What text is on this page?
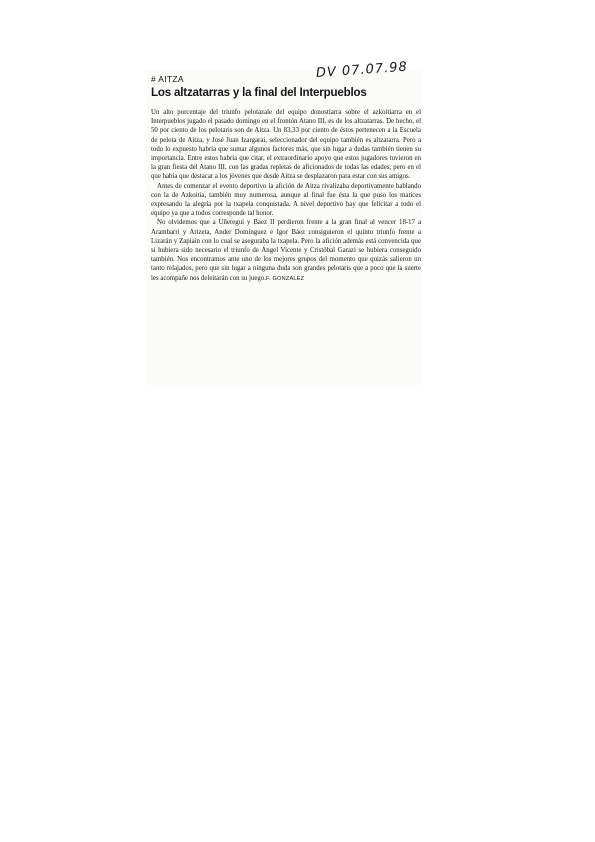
# AITZA	DV 07.07.98
Los altzatarras y la final del Interpueblos

Un alto porcentaje del triunfo pelotazale del equipo donostiarra sobre el azkoitiarra en el Interpueblos jugado el pasado domingo en el frontón Atano III, es de los altzatarras. De hecho, el 50 por ciento de los pelotaris son de Aitza. Un 83,33 por ciento de éstos pertenecen a la Escuela de pelota de Aitza, y José Juan Izargarai, seleccionador del equipo también es altzatarra. Pero a todo lo expuesto habría que sumar algunos factores más, que sin lugar a dudas también tienen su importancia. Entre estos habría que citar, el extraordinario apoyo que estos jugadores tuvieron en la gran fiesta del Atano III, con las gradas repletas de aficionados de todas las edades, pero en el que había que destacar a los jóvenes que desde Aitza se desplazaron para estar con sus amigos.

Antes de comenzar el evento deportivo la afición de Aitza rivalizaba deportivamente hablando con la de Azkoitia, también muy numerosa, aunque al final fue ésta la que puso los matices expresando la alegría por la txapela conquistada. A nivel deportivo hay que felicitar a todo el equipo ya que a todos corresponde tal honor.

No olvidemos que a Uñeregui y Baez II perdieron frente a la gran final al vencer 18-17 a Arambarri y Arizeta, Ander Domínguez e Igor Báez consiguieron el quinto triunfo frente a Lizarán y Zapiain con lo cual se aseguraba la txapela. Pero la afición además está convencida que si hubiera sido necesario el triunfo de Ángel Vicente y Cristóbal Garazi se hubiera conseguido también. Nos encontramos ante uno de los mejores grupos del momento que quizás salieron un tanto relajados, pero que sin lugar a ninguna duda son grandes pelotaris que a poco que la suerte les acompañe nos deleitarán con su juego.F. GONZALEZ
